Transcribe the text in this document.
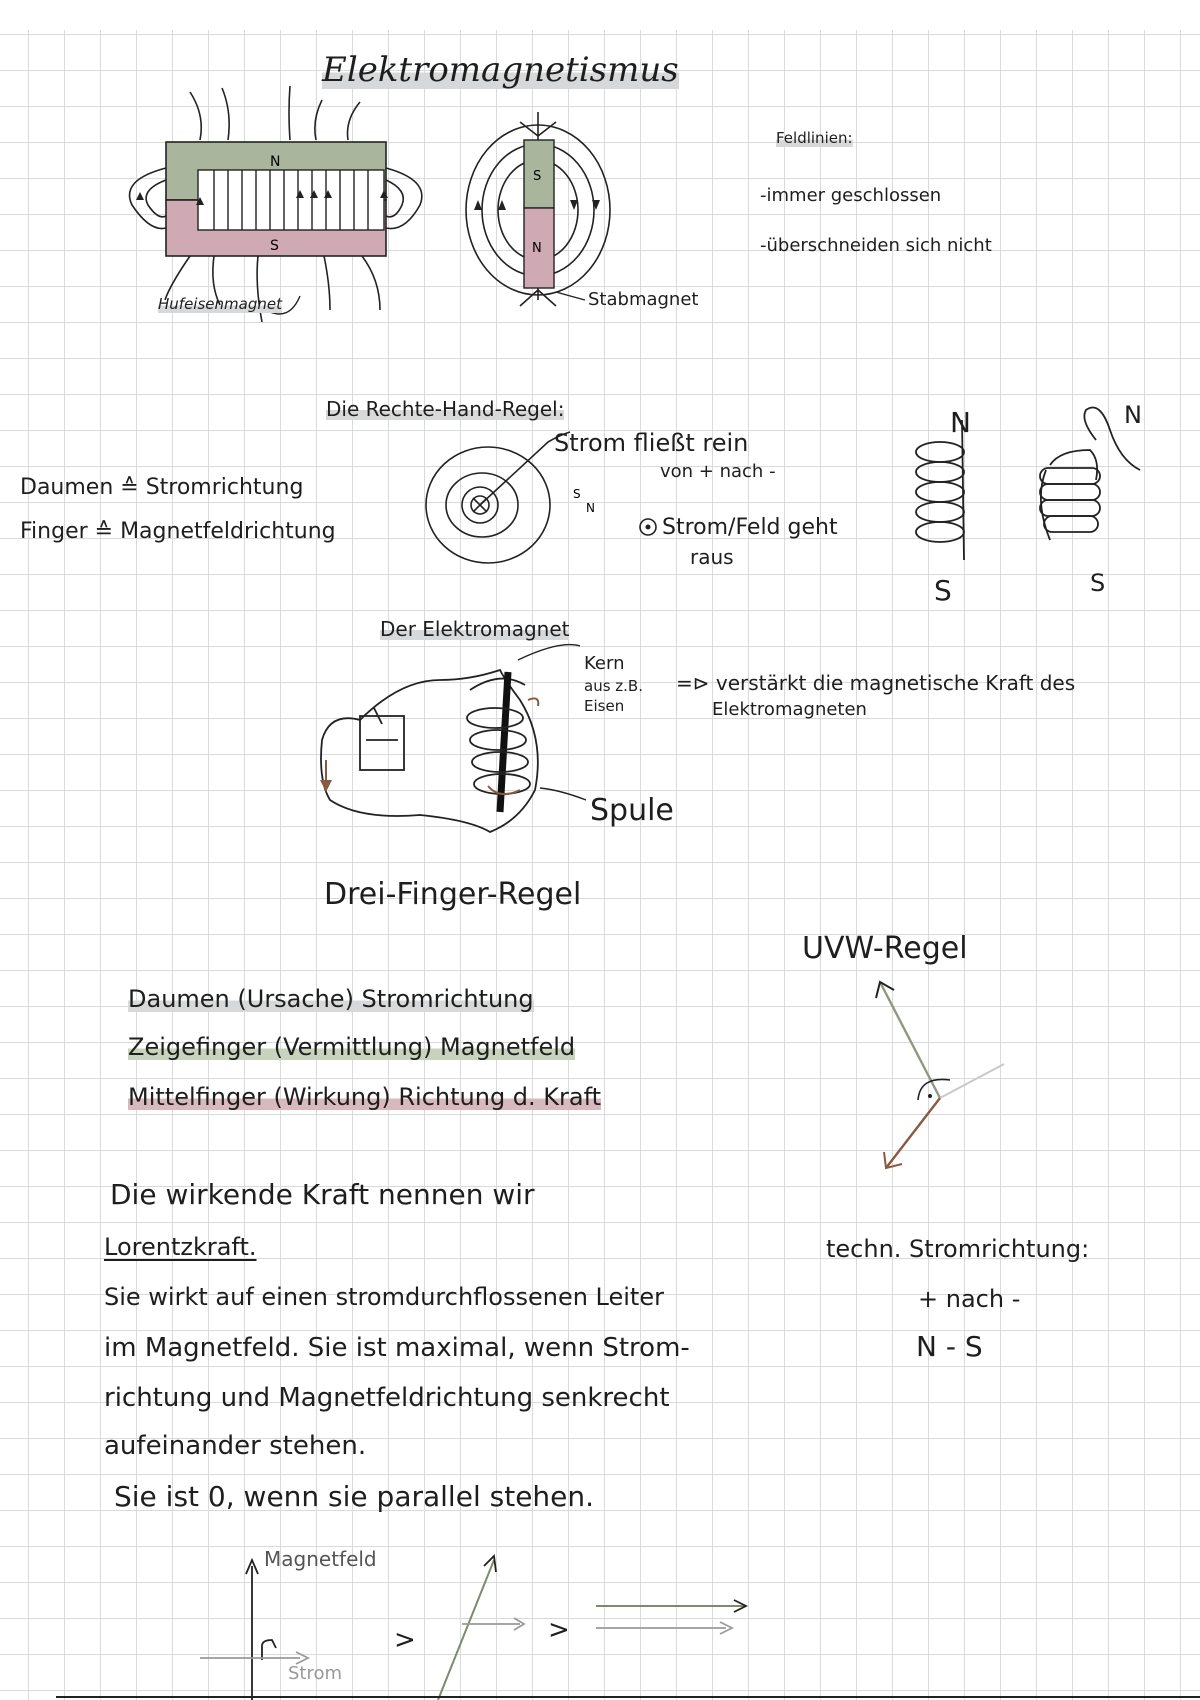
Elektromagnetismus
N
S
S
N
Hufeisenmagnet	Stabmagnet
Feldlinien:
-immer geschlossen
-überschneiden sich nicht
Die Rechte-Hand-Regel:
Daumen ≙ Stromrichtung
Finger ≙ Magnetfeldrichtung
S
N
Strom fließt rein
von + nach -
Strom/Feld geht
raus
N
S
N
S
Der Elektromagnet
Kern
aus z.B.
Eisen
=⊳ verstärkt die magnetische Kraft des
Elektromagneten
Spule
Drei-Finger-Regel
UVW-Regel
Daumen (Ursache) Stromrichtung
Zeigefinger (Vermittlung) Magnetfeld
Mittelfinger (Wirkung) Richtung d. Kraft
Die wirkende Kraft nennen wir
Lorentzkraft.
Sie wirkt auf einen stromdurchflossenen Leiter
im Magnetfeld. Sie ist maximal, wenn Strom-
richtung und Magnetfeldrichtung senkrecht
aufeinander stehen.
Sie ist 0, wenn sie parallel stehen.
techn. Stromrichtung:
+ nach -
N - S
Magnetfeld
Strom
>	>
